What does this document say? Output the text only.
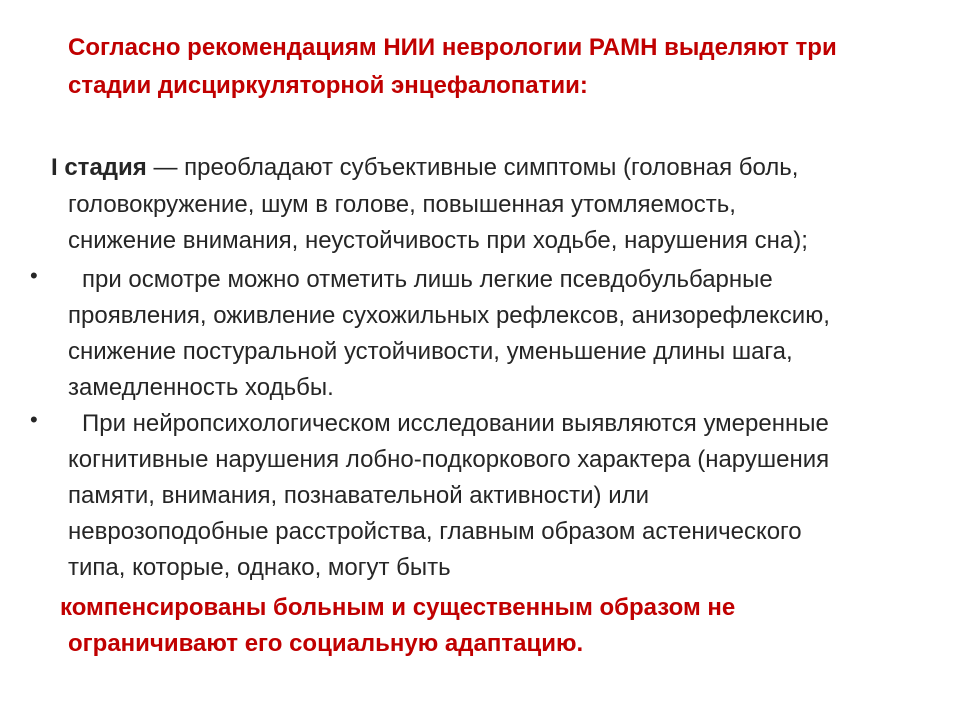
Согласно рекомендациям НИИ неврологии РАМН выделяют три
стадии дисциркуляторной энцефалопатии:
I стадия — преобладают субъективные симптомы (головная боль,
головокружение, шум в голове, повышенная утомляемость,
снижение внимания, неустойчивость при ходьбе, нарушения сна);
• при осмотре можно отметить лишь легкие псевдобульбарные
проявления, оживление сухожильных рефлексов, анизорефлексию,
снижение постуральной устойчивости, уменьшение длины шага,
замедленность ходьбы.
• При нейропсихологическом исследовании выявляются умеренные
когнитивные нарушения лобно-подкоркового характера (нарушения
памяти, внимания, познавательной активности) или
неврозоподобные расстройства, главным образом астенического
типа, которые, однако, могут быть
компенсированы больным и существенным образом не
ограничивают его социальную адаптацию.
